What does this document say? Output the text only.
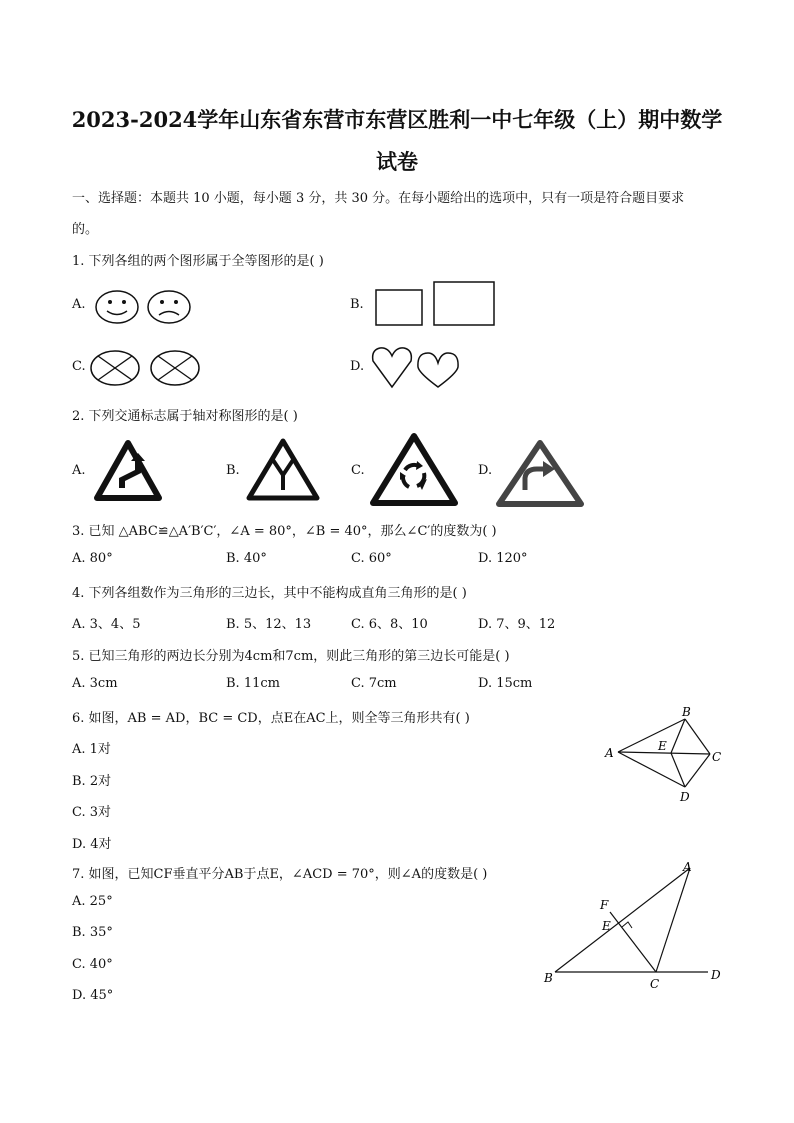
2023-2024学年山东省东营市东营区胜利一中七年级（上）期中数学
试卷
一、选择题：本题共 10 小题，每小题 3 分，共 30 分。在每小题给出的选项中，只有一项是符合题目要求
的。
1. 下列各组的两个图形属于全等图形的是( )
A.	B.
C.	D.
2. 下列交通标志属于轴对称图形的是( )
A.	B.	C.	D.
3. 已知 △ABC≌△A′B′C′，∠A = 80°，∠B = 40°，那么∠C′的度数为( )
A. 80°	B. 40°	C. 60°	D. 120°
4. 下列各组数作为三角形的三边长，其中不能构成直角三角形的是( )
A. 3、4、5	B. 5、12、13	C. 6、8、10	D. 7、9、12
5. 已知三角形的两边长分别为4cm和7cm，则此三角形的第三边长可能是( )
A. 3cm	B. 11cm	C. 7cm	D. 15cm
6. 如图，AB = AD，BC = CD，点E在AC上，则全等三角形共有( )
A. 1对
B. 2对
C. 3对
D. 4对
A
B
C
D
E
7. 如图，已知CF垂直平分AB于点E，∠ACD = 70°，则∠A的度数是( )
A. 25°
B. 35°
C. 40°
D. 45°
A
B	C
D
E
F
